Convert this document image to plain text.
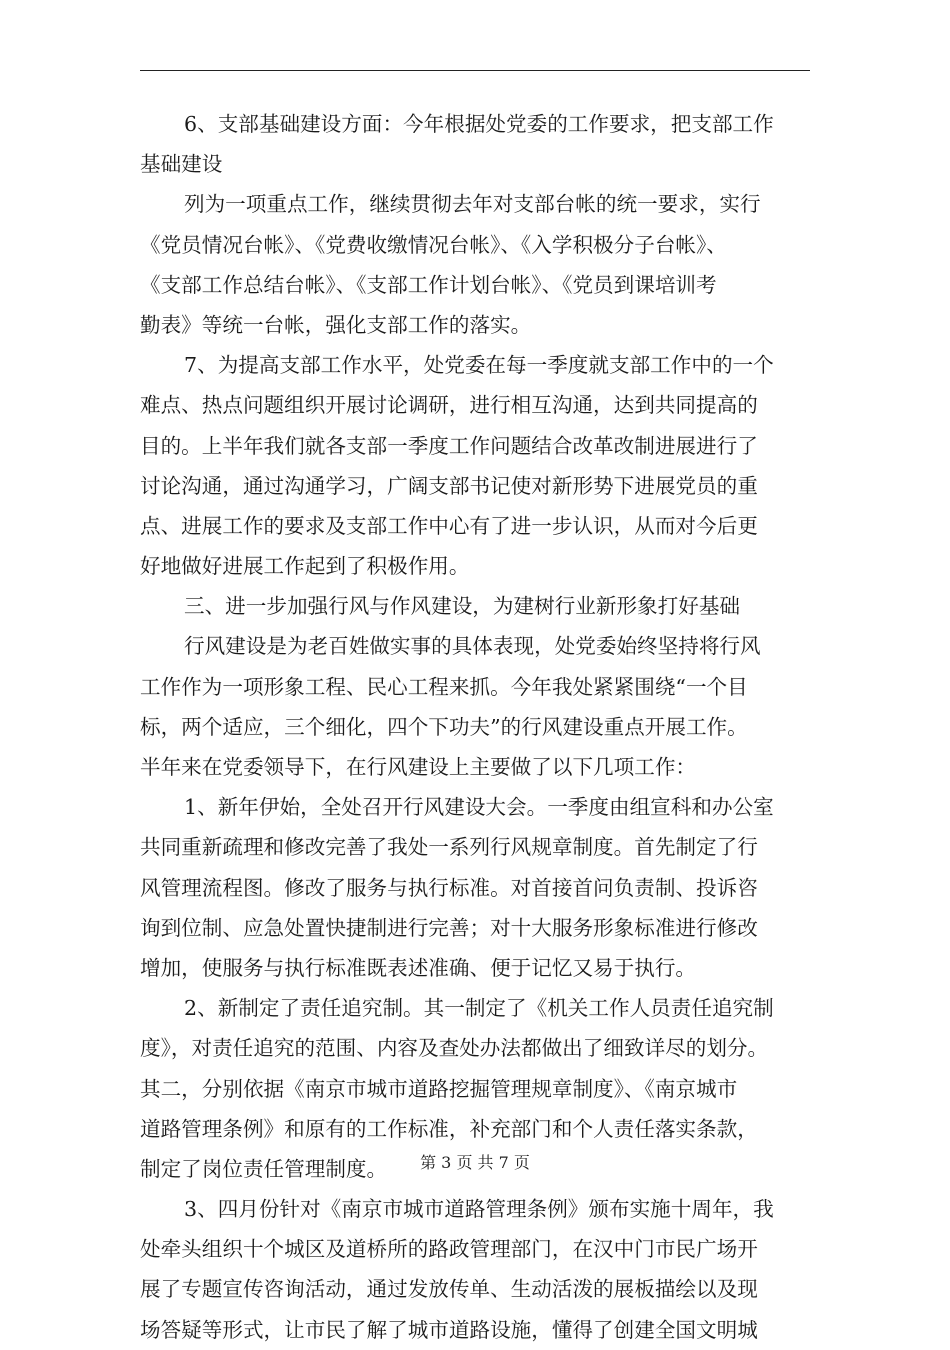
6、支部基础建设方面：今年根据处党委的工作要求，把支部工作
基础建设
列为一项重点工作，继续贯彻去年对支部台帐的统一要求，实行
《党员情况台帐》、《党费收缴情况台帐》、《入学积极分子台帐》、
《支部工作总结台帐》、《支部工作计划台帐》、《党员到课培训考
勤表》等统一台帐，强化支部工作的落实。
7、为提高支部工作水平，处党委在每一季度就支部工作中的一个
难点、热点问题组织开展讨论调研，进行相互沟通，达到共同提高的
目的。上半年我们就各支部一季度工作问题结合改革改制进展进行了
讨论沟通，通过沟通学习，广阔支部书记使对新形势下进展党员的重
点、进展工作的要求及支部工作中心有了进一步认识，从而对今后更
好地做好进展工作起到了积极作用。
三、进一步加强行风与作风建设，为建树行业新形象打好基础
行风建设是为老百姓做实事的具体表现，处党委始终坚持将行风
工作作为一项形象工程、民心工程来抓。今年我处紧紧围绕“一个目
标，两个适应，三个细化，四个下功夫”的行风建设重点开展工作。
半年来在党委领导下，在行风建设上主要做了以下几项工作：
1、新年伊始，全处召开行风建设大会。一季度由组宣科和办公室
共同重新疏理和修改完善了我处一系列行风规章制度。首先制定了行
风管理流程图。修改了服务与执行标准。对首接首问负责制、投诉咨
询到位制、应急处置快捷制进行完善；对十大服务形象标准进行修改
增加，使服务与执行标准既表述准确、便于记忆又易于执行。
2、新制定了责任追究制。其一制定了《机关工作人员责任追究制
度》，对责任追究的范围、内容及查处办法都做出了细致详尽的划分。
其二，分别依据《南京市城市道路挖掘管理规章制度》、《南京城市
道路管理条例》和原有的工作标准，补充部门和个人责任落实条款，
制定了岗位责任管理制度。
3、四月份针对《南京市城市道路管理条例》颁布实施十周年，我
处牵头组织十个城区及道桥所的路政管理部门，在汉中门市民广场开
展了专题宣传咨询活动，通过发放传单、生动活泼的展板描绘以及现
场答疑等形式，让市民了解了城市道路设施，懂得了创建全国文明城
第 3 页 共 7 页
